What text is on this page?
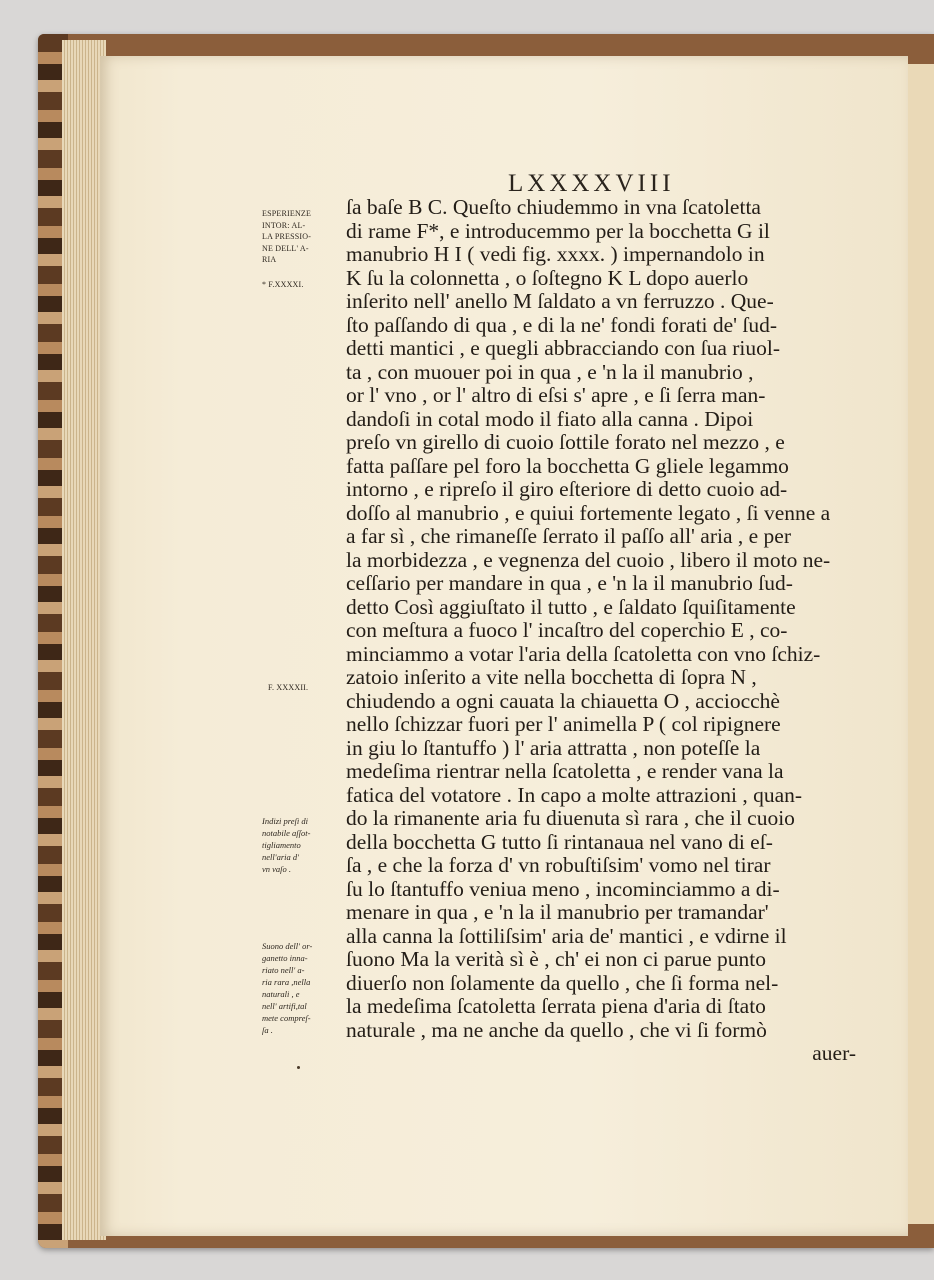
LXXXXVIII
ESPERIENZE
INTOR: AL-
LA PRESSIO-
NE DELL' A-
RIA
* F.XXXXI.
F. XXXXII.
Indizi preſi di
notabile aſſot-
tigliamento
nell'aria d'
vn vaſo .
Suono dell' or-
ganetto inna-
riato nell' a-
ria rara ,nella
naturali , e
nell' artifi,tal
mete compreſ-
ſa .
ſa baſe B C. Queſto chiudemmo in vna ſcatoletta
di rame F*, e introducemmo per la bocchetta G il
manubrio H I ( vedi fig. xxxx. ) impernandolo in
K ſu la colonnetta , o ſoſtegno K L dopo auerlo
inſerito nell' anello M ſaldato a vn ferruzzo . Que-
ſto paſſando di qua , e di la ne' fondi forati de' ſud-
detti mantici , e quegli abbracciando con ſua riuol-
ta , con muouer poi in qua , e 'n la il manubrio ,
or l' vno , or l' altro di eſsi s' apre , e ſi ſerra man-
dandoſi in cotal modo il fiato alla canna . Dipoi
preſo vn girello di cuoio ſottile forato nel mezzo , e
fatta paſſare pel foro la bocchetta G gliele legammo
intorno , e ripreſo il giro eſteriore di detto cuoio ad-
doſſo al manubrio , e quiui fortemente legato , ſi venne a
a far sì , che rimaneſſe ſerrato il paſſo all' aria , e per
la morbidezza , e vegnenza del cuoio , libero il moto ne-
ceſſario per mandare in qua , e 'n la il manubrio ſud-
detto Così aggiuſtato il tutto , e ſaldato ſquiſitamente
con meſtura a fuoco l' incaſtro del coperchio E , co-
minciammo a votar l'aria della ſcatoletta con vno ſchiz-
zatoio inſerito a vite nella bocchetta di ſopra N ,
chiudendo a ogni cauata la chiauetta O , acciocchè
nello ſchizzar fuori per l' animella P ( col ripignere
in giu lo ſtantuffo ) l' aria attratta , non poteſſe la
medeſima rientrar nella ſcatoletta , e render vana la
fatica del votatore . In capo a molte attrazioni , quan-
do la rimanente aria fu diuenuta sì rara , che il cuoio
della bocchetta G tutto ſi rintanaua nel vano di eſ-
ſa , e che la forza d' vn robuſtiſsim' vomo nel tirar
ſu lo ſtantuffo veniua meno , incominciammo a di-
menare in qua , e 'n la il manubrio per tramandar'
alla canna la ſottiliſsim' aria de' mantici , e vdirne il
ſuono Ma la verità sì è , ch' ei non ci parue punto
diuerſo non ſolamente da quello , che ſi forma nel-
la medeſima ſcatoletta ſerrata piena d'aria di ſtato
naturale , ma ne anche da quello , che vi ſi formò
auer-
